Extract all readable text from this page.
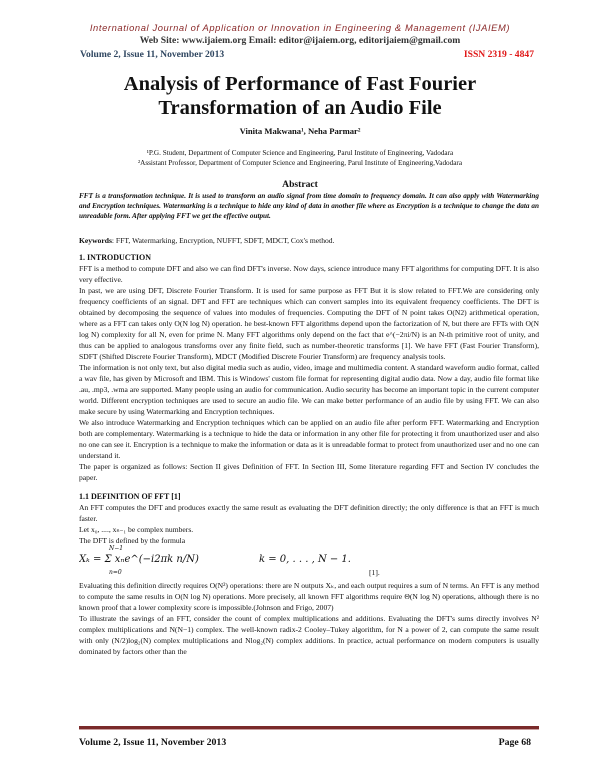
International Journal of Application or Innovation in Engineering & Management (IJAIEM)
Web Site: www.ijaiem.org Email: editor@ijaiem.org, editorijaiem@gmail.com
Volume 2, Issue 11, November 2013	ISSN 2319 - 4847
Analysis of Performance of Fast Fourier
Transformation of an Audio File
Vinita Makwana¹, Neha Parmar²
¹P.G. Student, Department of Computer Science and Engineering, Parul Institute of Engineering, Vadodara
²Assistant Professor, Department of Computer Science and Engineering, Parul Institute of Engineering,Vadodara
Abstract
FFT is a transformation technique. It is used to transform an audio signal from time domain to frequency domain. It can also apply with Watermarking and Encryption techniques. Watermarking is a technique to hide any kind of data in another file where as Encryption is a technique to change the data an unreadable form. After applying FFT we get the effective output.
Keywords: FFT, Watermarking, Encryption, NUFFT, SDFT, MDCT, Cox's method.

1. INTRODUCTION

FFT is a method to compute DFT and also we can find DFT's inverse. Now days, science introduce many FFT algorithms for computing DFT. It is also very effective.

In past, we are using DFT, Discrete Fourier Transform. It is used for same purpose as FFT But it is slow related to FFT.We are considering only frequency coefficients of an signal. DFT and FFT are techniques which can convert samples into its equivalent frequency coefficients. The DFT is obtained by decomposing the sequence of values into modules of frequencies. Computing the DFT of N point takes O(N2) arithmetical operation, where as a FFT can takes only O(N log N) operation. he best-known FFT algorithms depend upon the factorization of N, but there are FFTs with O(N log N) complexity for all N, even for prime N. Many FFT algorithms only depend on the fact that e^(−2πi/N) is an N-th primitive root of unity, and thus can be applied to analogous transforms over any finite field, such as number-theoretic transforms [1]. We have FFT (Fast Fourier Transform), SDFT (Shifted Discrete Fourier Transform), MDCT (Modified Discrete Fourier Transform) are frequency analysis tools.

The information is not only text, but also digital media such as audio, video, image and multimedia content. A standard waveform audio format, called a wav file, has given by Microsoft and IBM. This is Windows' custom file format for representing digital audio data. Now a day, audio file format like .au, .mp3, .wma are supported. Many people using an audio for communication. Audio security has become an important topic in the current computer world. Different encryption techniques are used to secure an audio file. We can make better performance of an audio file by using FFT. We can also make secure by using Watermarking and Encryption techniques.

We also introduce Watermarking and Encryption techniques which can be applied on an audio file after perform FFT. Watermarking and Encryption both are complementary. Watermarking is a technique to hide the data or information in any other file for protecting it from unauthorized user and also no one can see it. Encryption is a technique to make the information or data as it is unreadable format to protect from unauthorized user and no one can understand it.

The paper is organized as follows: Section II gives Definition of FFT. In Section III, Some literature regarding FFT and Section IV concludes the paper.

1.1 DEFINITION OF FFT [1]

An FFT computes the DFT and produces exactly the same result as evaluating the DFT definition directly; the only difference is that an FFT is much faster.

Let x₀, ...., xₙ₋₁ be complex numbers.

The DFT is defined by the formula

N−1
Xₖ = Σ xₙe^(−i2πk n/N)
n=0
k = 0, . . . , N − 1.
[1].

Evaluating this definition directly requires O(N²) operations: there are N outputs Xₖ, and each output requires a sum of N terms. An FFT is any method to compute the same results in O(N log N) operations. More precisely, all known FFT algorithms require Θ(N log N) operations, although there is no known proof that a lower complexity score is impossible.(Johnson and Frigo, 2007)

To illustrate the savings of an FFT, consider the count of complex multiplications and additions. Evaluating the DFT's sums directly involves N² complex multiplications and N(N−1) complex. The well-known radix-2 Cooley–Tukey algorithm, for N a power of 2, can compute the same result with only (N/2)log₂(N) complex multiplications and Nlog₂(N) complex additions. In practice, actual performance on modern computers is usually dominated by factors other than the

Volume 2, Issue 11, November 2013	Page 68
